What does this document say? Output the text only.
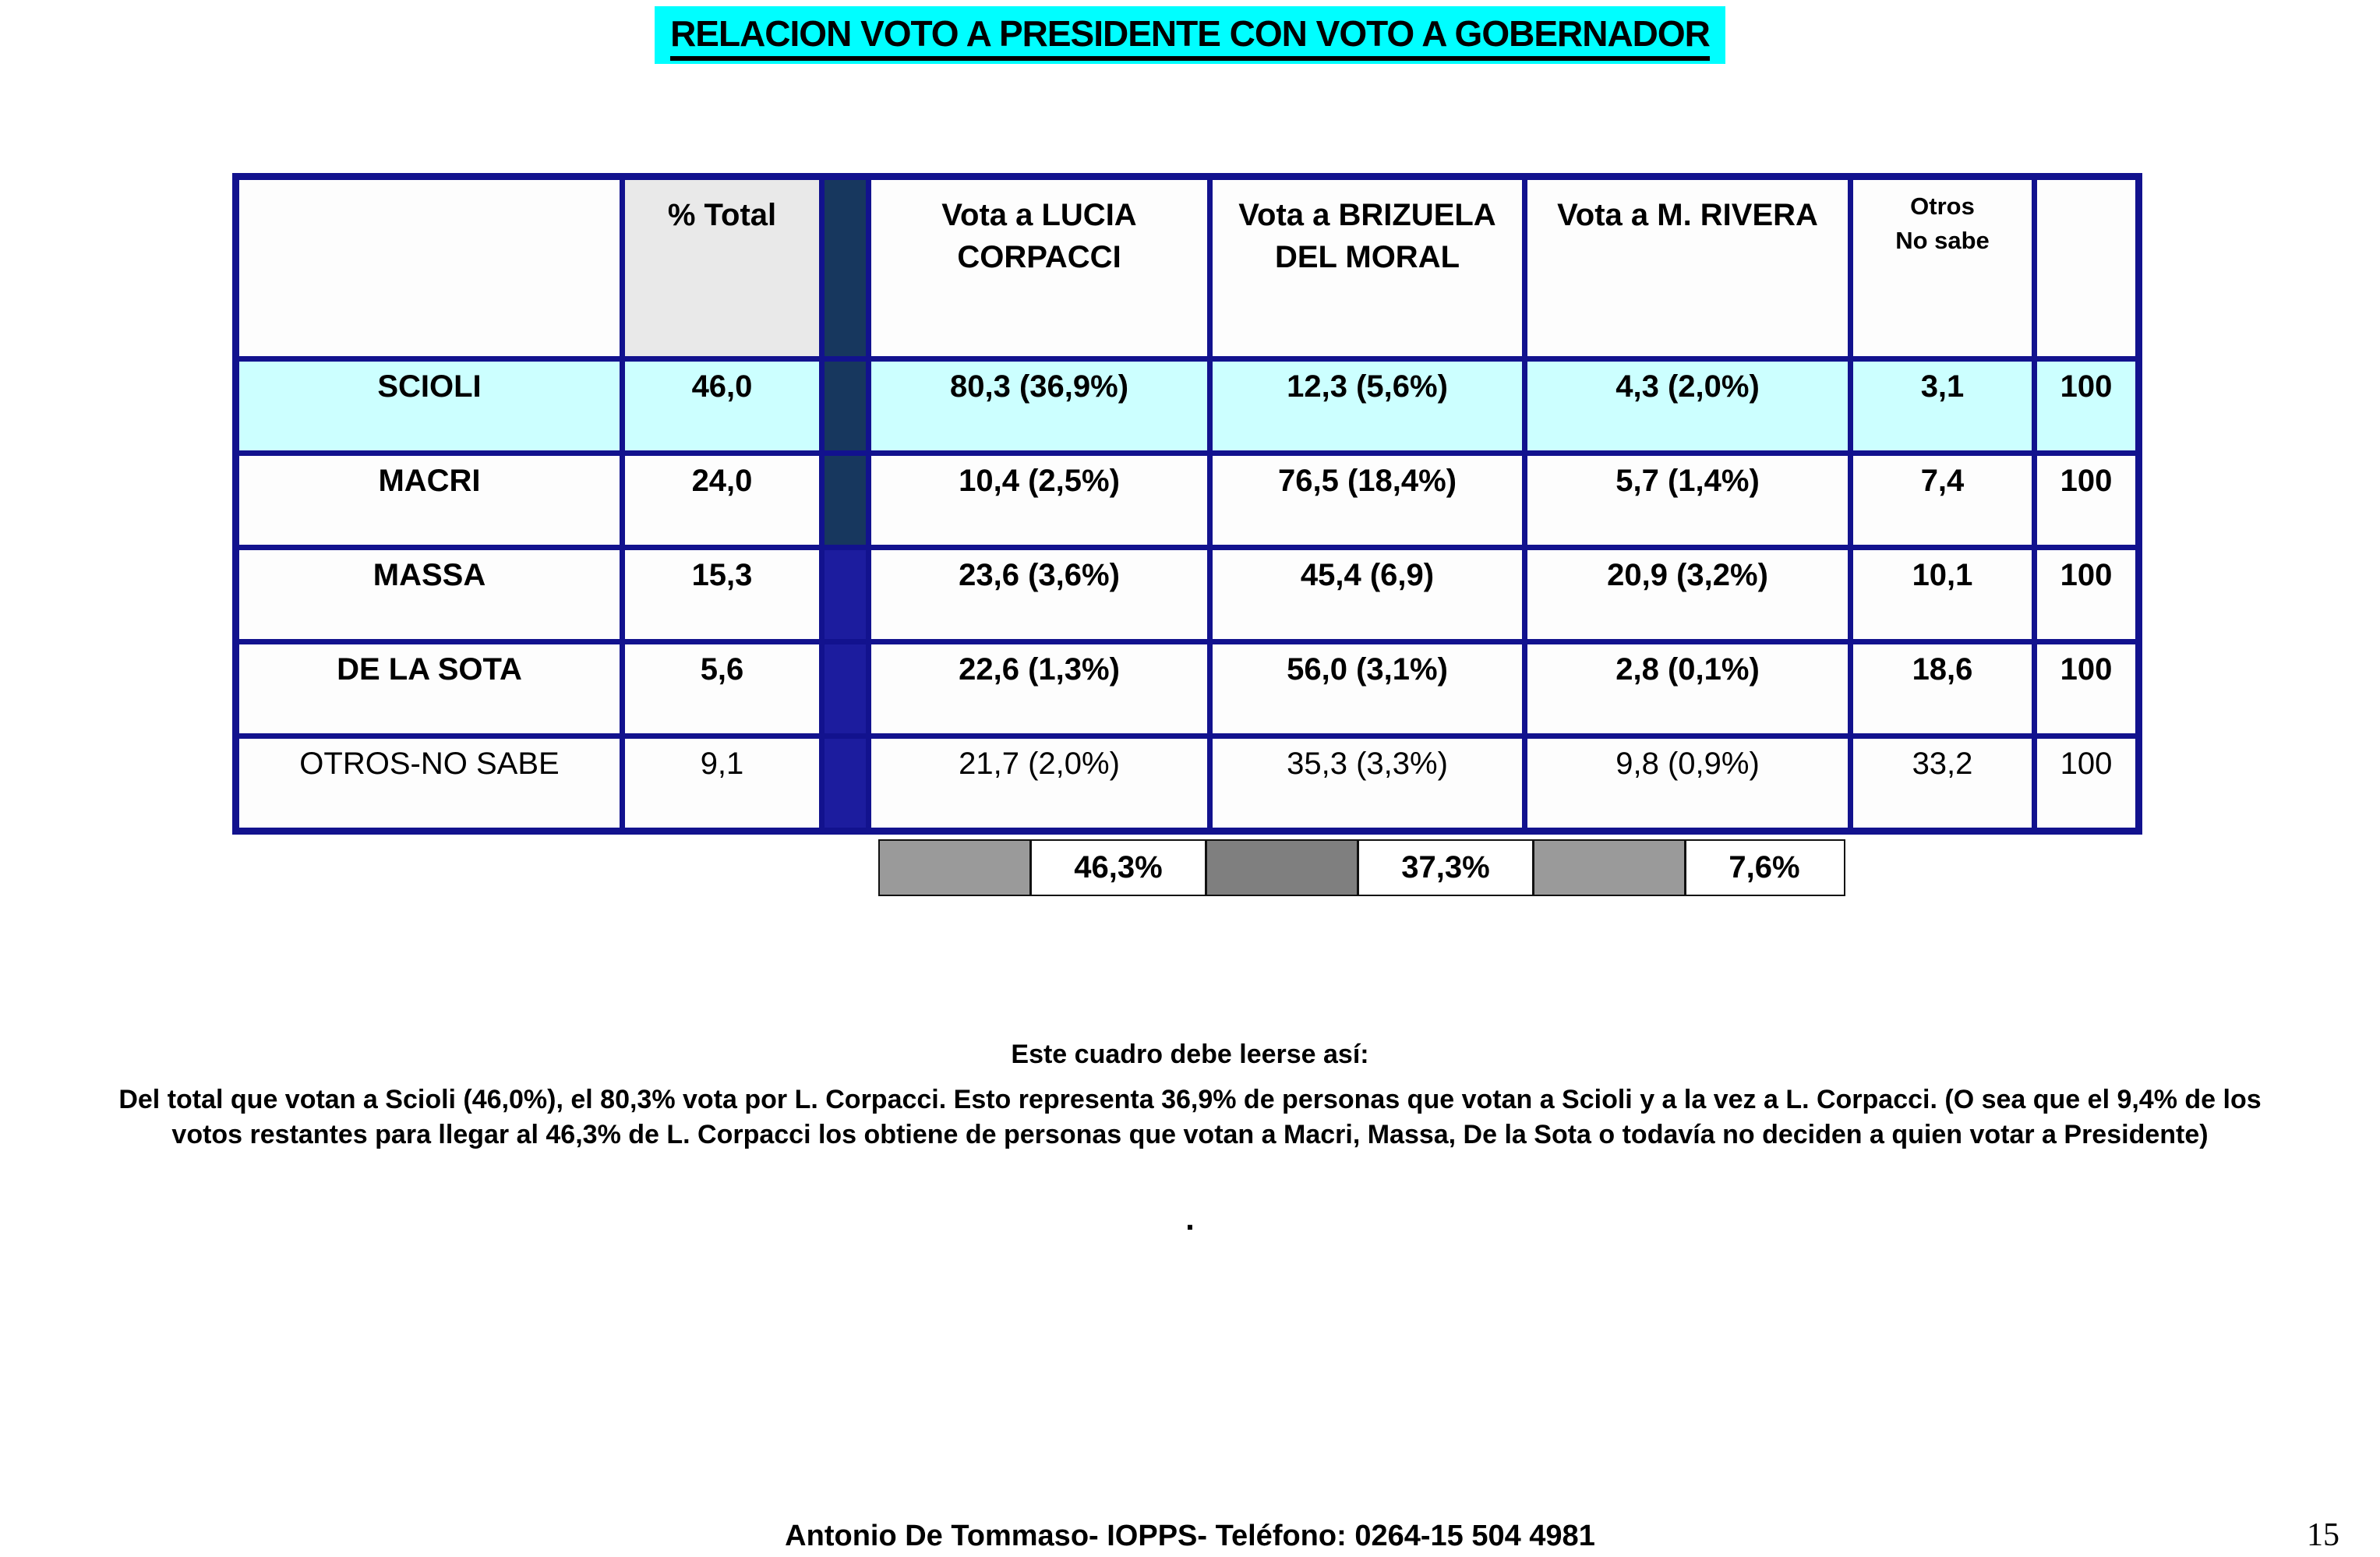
RELACION VOTO A PRESIDENTE CON VOTO A GOBERNADOR
	% Total		Vota a LUCIA CORPACCI	Vota a BRIZUELA DEL MORAL	Vota a M. RIVERA	Otros
No sabe	

SCIOLI	46,0		80,3 (36,9%)	12,3 (5,6%)	4,3 (2,0%)	3,1	100
MACRI	24,0		10,4 (2,5%)	76,5 (18,4%)	5,7 (1,4%)	7,4	100
MASSA	15,3		23,6 (3,6%)	45,4 (6,9)	20,9 (3,2%)	10,1	100
DE LA SOTA	5,6		22,6 (1,3%)	56,0 (3,1%)	2,8 (0,1%)	18,6	100
OTROS-NO SABE	9,1		21,7 (2,0%)	35,3 (3,3%)	9,8 (0,9%)	33,2	100
46,3%	37,3%	7,6%
Este cuadro debe leerse así:
Del total que votan a Scioli (46,0%), el 80,3% vota por L. Corpacci. Esto representa 36,9% de personas que votan a Scioli y a la vez a L. Corpacci. (O sea que el 9,4% de los
votos restantes para llegar al 46,3% de L. Corpacci los obtiene de personas que votan a Macri, Massa, De la Sota o todavía no deciden a quien votar a Presidente)
.
Antonio De Tommaso- IOPPS- Teléfono: 0264-15 504 4981	15
